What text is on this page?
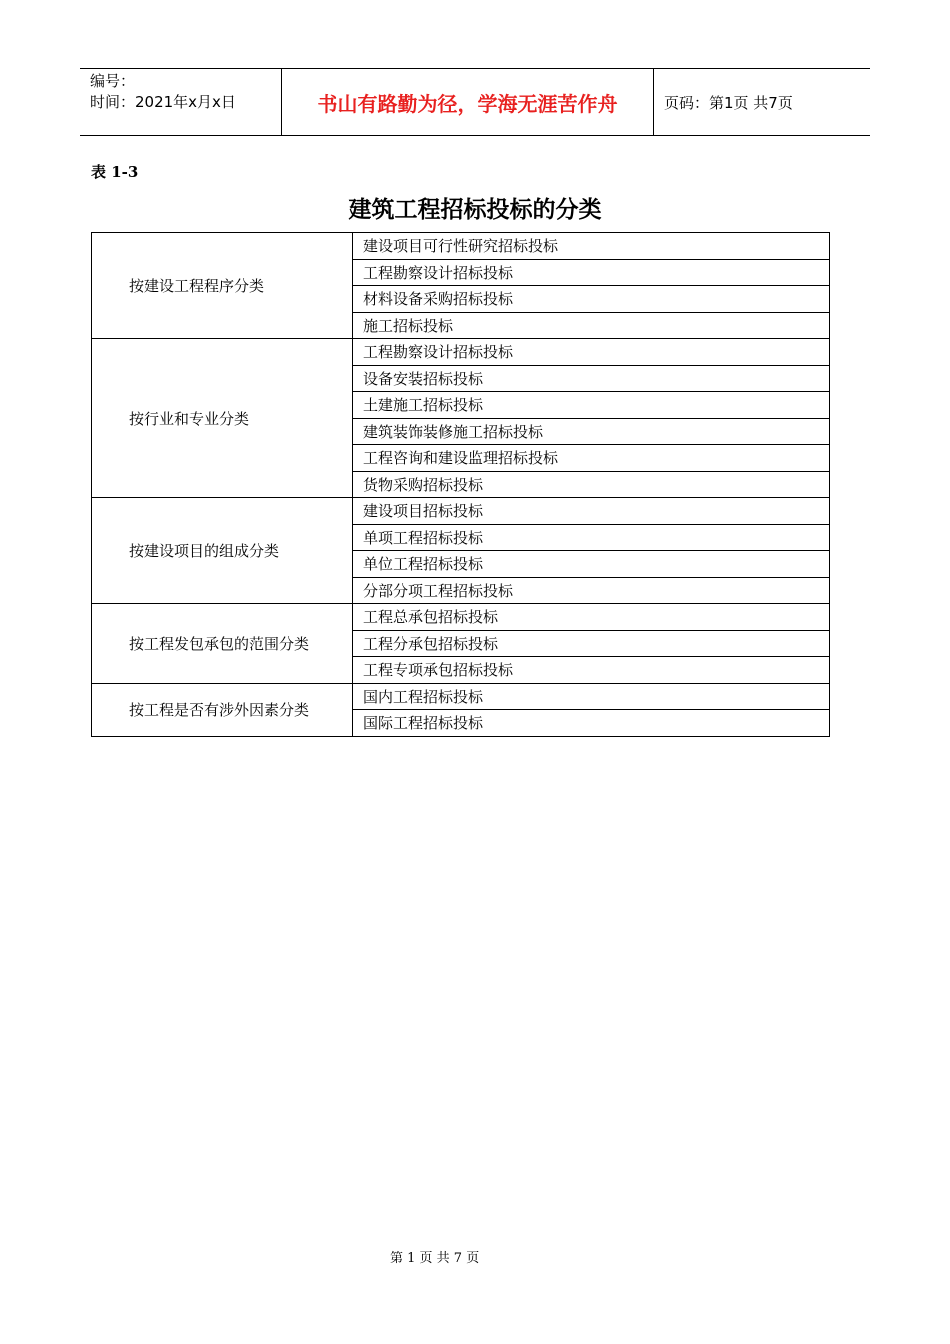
编号：
时间：2021年x月x日	书山有路勤为径，学海无涯苦作舟	页码：第1页 共7页
表 1-3
建筑工程招标投标的分类
按建设工程程序分类	建设项目可行性研究招标投标
	工程勘察设计招标投标
	材料设备采购招标投标
	施工招标投标
按行业和专业分类	工程勘察设计招标投标
	设备安装招标投标
	土建施工招标投标
	建筑装饰装修施工招标投标
	工程咨询和建设监理招标投标
	货物采购招标投标
按建设项目的组成分类	建设项目招标投标
	单项工程招标投标
	单位工程招标投标
	分部分项工程招标投标
按工程发包承包的范围分类	工程总承包招标投标
	工程分承包招标投标
	工程专项承包招标投标
按工程是否有涉外因素分类	国内工程招标投标
	国际工程招标投标
第 1 页 共 7 页
